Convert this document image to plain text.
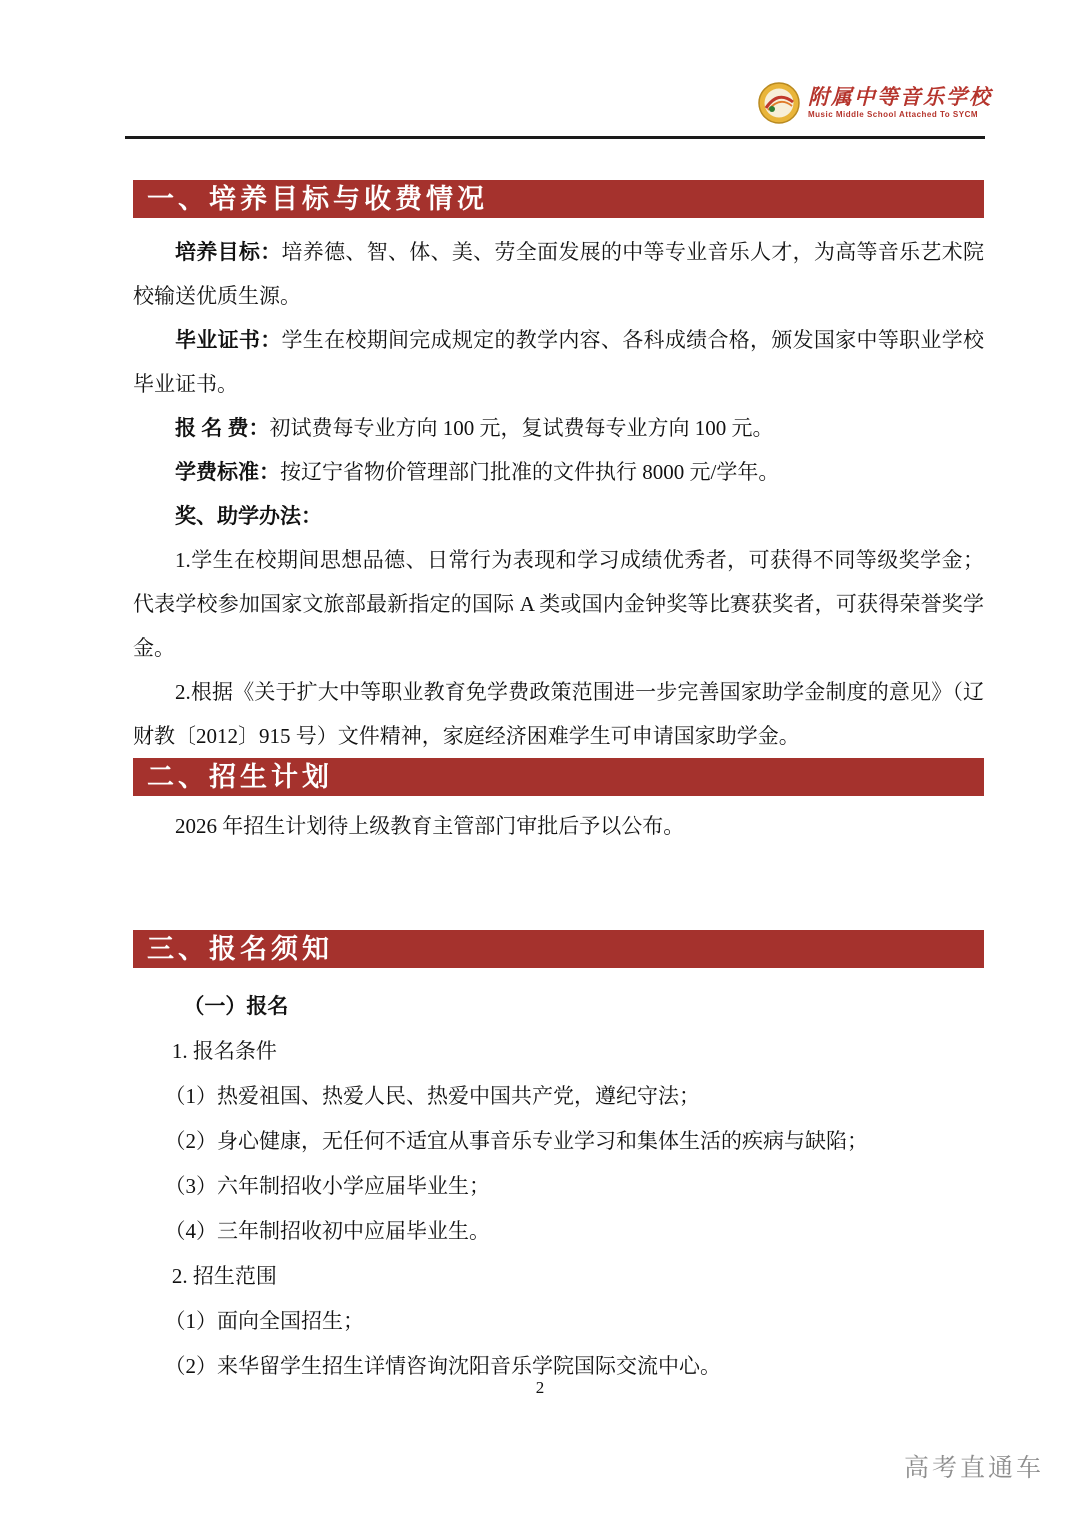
附属中等音乐学校
Music Middle School Attached To SYCM
一、培养目标与收费情况

培养目标：培养德、智、体、美、劳全面发展的中等专业音乐人才，为高等音乐艺术院校输送优质生源。

毕业证书：学生在校期间完成规定的教学内容、各科成绩合格，颁发国家中等职业学校毕业证书。

报 名 费：初试费每专业方向 100 元，复试费每专业方向 100 元。

学费标准：按辽宁省物价管理部门批准的文件执行 8000 元/学年。

奖、助学办法：

1.学生在校期间思想品德、日常行为表现和学习成绩优秀者，可获得不同等级奖学金；代表学校参加国家文旅部最新指定的国际 A 类或国内金钟奖等比赛获奖者，可获得荣誉奖学金。

2.根据《关于扩大中等职业教育免学费政策范围进一步完善国家助学金制度的意见》（辽财教〔2012〕915 号）文件精神，家庭经济困难学生可申请国家助学金。

二、招生计划

2026 年招生计划待上级教育主管部门审批后予以公布。

三、报名须知

（一）报名

1. 报名条件

（1）热爱祖国、热爱人民、热爱中国共产党，遵纪守法；

（2）身心健康，无任何不适宜从事音乐专业学习和集体生活的疾病与缺陷；

（3）六年制招收小学应届毕业生；

（4）三年制招收初中应届毕业生。

2. 招生范围

（1）面向全国招生；

（2）来华留学生招生详情咨询沈阳音乐学院国际交流中心。

2
高考直通车
